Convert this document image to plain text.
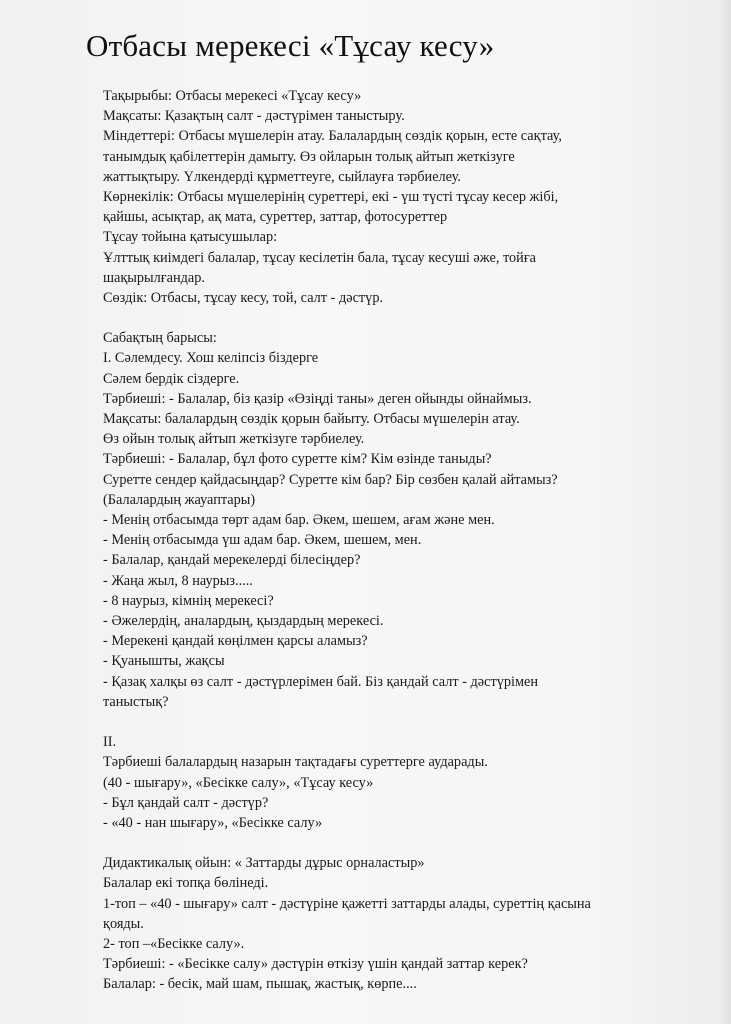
Отбасы мерекесі «Тұсау кесу»
Тақырыбы: Отбасы мерекесі «Тұсау кесу»
Мақсаты: Қазақтың салт - дәстүрімен таныстыру.
Міндеттері: Отбасы мүшелерін атау. Балалардың сөздік қорын, есте сақтау,
танымдық қабілеттерін дамыту. Өз ойларын толық айтып жеткізуге
жаттықтыру. Үлкендерді құрметтеуге, сыйлауға тәрбиелеу.
Көрнекілік: Отбасы мүшелерінің суреттері, екі - үш түсті тұсау кесер жібі,
қайшы, асықтар, ақ мата, суреттер, заттар, фотосуреттер
Тұсау тойына қатысушылар:
Ұлттық киімдегі балалар, тұсау кесілетін бала, тұсау кесуші әже, тойға
шақырылғандар.
Сөздік: Отбасы, тұсау кесу, той, салт - дәстүр.
Сабақтың барысы:
I. Сәлемдесу. Хош келіпсіз біздерге
Сәлем бердік сіздерге.
Тәрбиеші: - Балалар, біз қазір «Өзіңді таны» деген ойынды ойнаймыз.
Мақсаты: балалардың сөздік қорын байыту. Отбасы мүшелерін атау.
Өз ойын толық айтып жеткізуге тәрбиелеу.
Тәрбиеші: - Балалар, бұл фото суретте кім? Кім өзінде таныды?
Суретте сендер қайдасыңдар? Суретте кім бар? Бір сөзбен қалай айтамыз?
(Балалардың жауаптары)
- Менің отбасымда төрт адам бар. Әкем, шешем, ағам және мен.
- Менің отбасымда үш адам бар. Әкем, шешем, мен.
- Балалар, қандай мерекелерді білесіңдер?
- Жаңа жыл, 8 наурыз.....
- 8 наурыз, кімнің мерекесі?
- Әжелердің, аналардың, қыздардың мерекесі.
- Мерекені қандай көңілмен қарсы аламыз?
- Қуанышты, жақсы
- Қазақ халқы өз салт - дәстүрлерімен бай. Біз қандай салт - дәстүрімен
таныстық?
II.
Тәрбиеші балалардың назарын тақтадағы суреттерге аударады.
(40 - шығару», «Бесікке салу», «Тұсау кесу»
- Бұл қандай салт - дәстүр?
- «40 - нан шығару», «Бесікке салу»
Дидактикалық ойын: « Заттарды дұрыс орналастыр»
Балалар екі топқа бөлінеді.
1-топ – «40 - шығару» салт - дәстүріне қажетті заттарды алады, суреттің қасына
қояды.
2- топ –«Бесікке салу».
Тәрбиеші: - «Бесікке салу» дәстүрін өткізу үшін қандай заттар керек?
Балалар: - бесік, май шам, пышақ, жастық, көрпе....
